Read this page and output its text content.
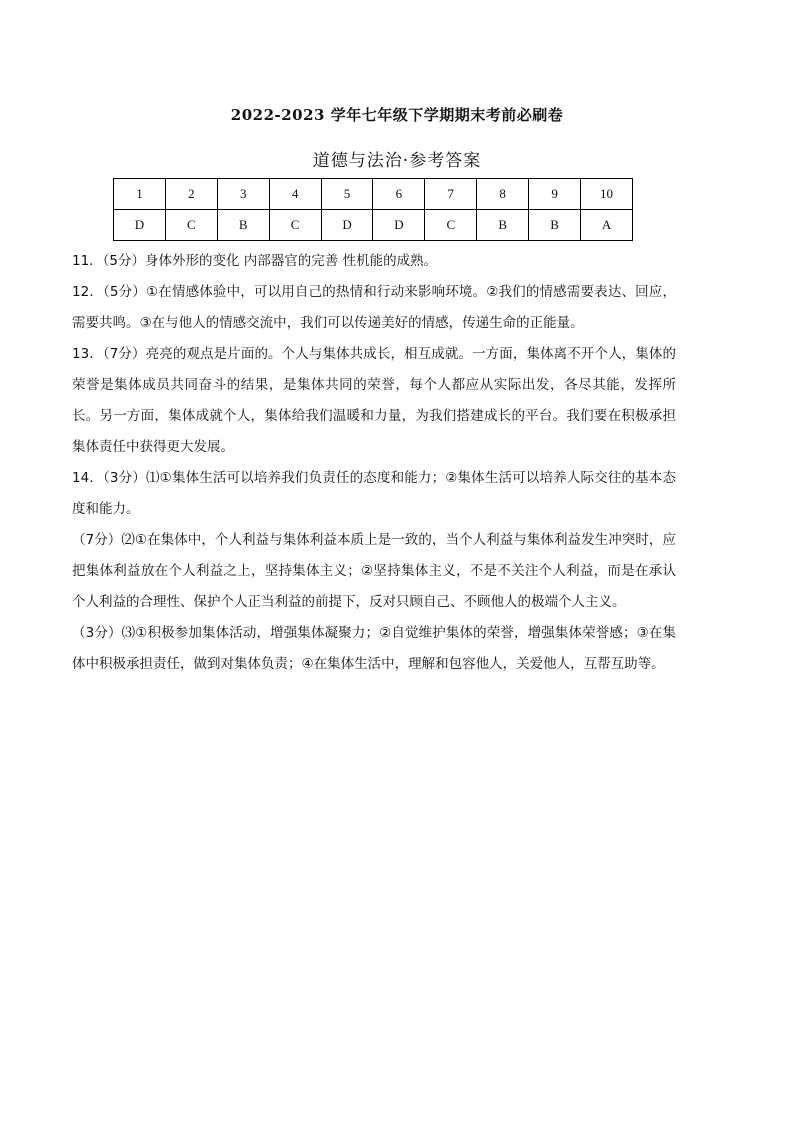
2022-2023 学年七年级下学期期末考前必刷卷
道德与法治·参考答案
1	2	3	4	5	6	7	8	9	10
D	C	B	C	D	D	C	B	B	A

11．（5分）身体外形的变化 内部器官的完善 性机能的成熟。

12．（5分）①在情感体验中，可以用自己的热情和行动来影响环境。②我们的情感需要表达、回应，需要共鸣。③在与他人的情感交流中，我们可以传递美好的情感，传递生命的正能量。

13．（7分）亮亮的观点是片面的。个人与集体共成长，相互成就。一方面，集体离不开个人，集体的荣誉是集体成员共同奋斗的结果，是集体共同的荣誉，每个人都应从实际出发，各尽其能，发挥所长。另一方面，集体成就个人，集体给我们温暖和力量，为我们搭建成长的平台。我们要在积极承担集体责任中获得更大发展。

14．（3分）⑴①集体生活可以培养我们负责任的态度和能力；②集体生活可以培养人际交往的基本态度和能力。

（7分）⑵①在集体中，个人利益与集体利益本质上是一致的，当个人利益与集体利益发生冲突时，应把集体利益放在个人利益之上，坚持集体主义；②坚持集体主义，不是不关注个人利益，而是在承认个人利益的合理性、保护个人正当利益的前提下，反对只顾自己、不顾他人的极端个人主义。

（3分）⑶①积极参加集体活动，增强集体凝聚力；②自觉维护集体的荣誉，增强集体荣誉感；③在集体中积极承担责任，做到对集体负责；④在集体生活中，理解和包容他人，关爱他人，互帮互助等。
